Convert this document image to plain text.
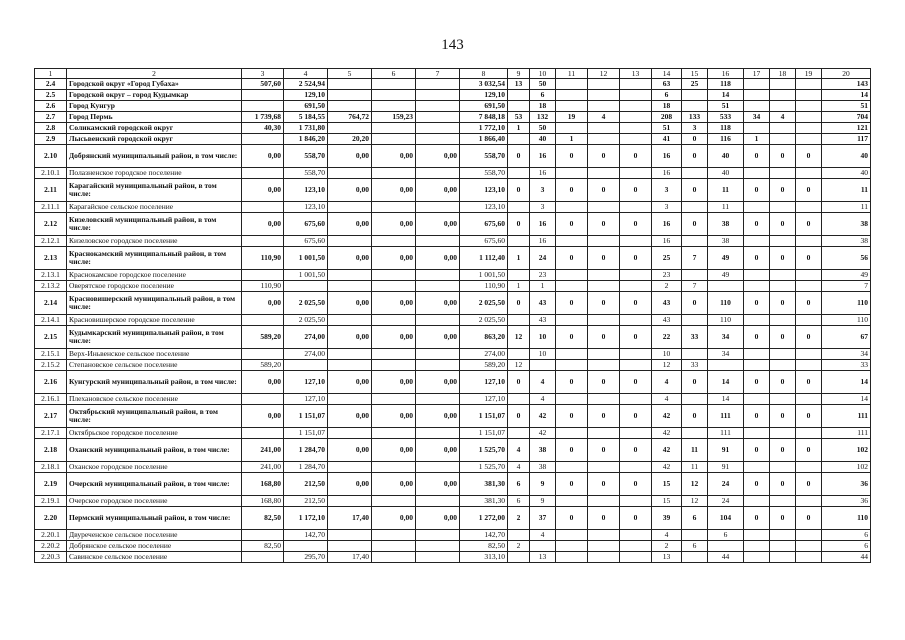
143
1	2	3	4	5	6	7	8	9	10	11	12	13	14	15	16	17	18	19	20
2.4	Городской округ «Город Губаха»	507,60	2 524,94				3 032,54	13	50				63	25	118				143
2.5	Городской округ – город Кудымкар		129,10				129,10		6				6		14				14
2.6	Город Кунгур		691,50				691,50		18				18		51				51
2.7	Город Пермь	1 739,68	5 184,55	764,72	159,23		7 848,18	53	132	19	4		208	133	533	34	4		704
2.8	Соликамский городской округ	40,30	1 731,80				1 772,10	1	50				51	3	118				121
2.9	Лысьвенский городской округ		1 846,20	20,20			1 866,40		40	1			41	0	116	1			117
2.10	Добрянский муниципальный район, в том числе:	0,00	558,70	0,00	0,00	0,00	558,70	0	16	0	0	0	16	0	40	0	0	0	40
2.10.1	Полазненское городское поселение		558,70				558,70		16				16		40				40
2.11	Карагайский муниципальный район, в том числе:	0,00	123,10	0,00	0,00	0,00	123,10	0	3	0	0	0	3	0	11	0	0	0	11
2.11.1	Карагайское сельское поселение		123,10				123,10		3				3		11				11
2.12	Кизеловский муниципальный район, в том числе:	0,00	675,60	0,00	0,00	0,00	675,60	0	16	0	0	0	16	0	38	0	0	0	38
2.12.1	Кизеловское городское поселение		675,60				675,60		16				16		38				38
2.13	Краснокамский муниципальный район, в том числе:	110,90	1 001,50	0,00	0,00	0,00	1 112,40	1	24	0	0	0	25	7	49	0	0	0	56
2.13.1	Краснокамское городское поселение		1 001,50				1 001,50		23				23		49				49
2.13.2	Оверятское городское поселение	110,90					110,90	1	1				2	7					7
2.14	Красновишерский муниципальный район, в том числе:	0,00	2 025,50	0,00	0,00	0,00	2 025,50	0	43	0	0	0	43	0	110	0	0	0	110
2.14.1	Красновишерское городское поселение		2 025,50				2 025,50		43				43		110				110
2.15	Кудымкарский муниципальный район, в том числе:	589,20	274,00	0,00	0,00	0,00	863,20	12	10	0	0	0	22	33	34	0	0	0	67
2.15.1	Верх-Иньвенское сельское поселение		274,00				274,00		10				10		34				34
2.15.2	Степановское сельское поселение	589,20					589,20	12					12	33					33
2.16	Кунгурский муниципальный район, в том числе:	0,00	127,10	0,00	0,00	0,00	127,10	0	4	0	0	0	4	0	14	0	0	0	14
2.16.1	Плехановское сельское поселение		127,10				127,10		4				4		14				14
2.17	Октябрьский муниципальный район, в том числе:	0,00	1 151,07	0,00	0,00	0,00	1 151,07	0	42	0	0	0	42	0	111	0	0	0	111
2.17.1	Октябрьское городское поселение		1 151,07				1 151,07		42				42		111				111
2.18	Оханский муниципальный район, в том числе:	241,00	1 284,70	0,00	0,00	0,00	1 525,70	4	38	0	0	0	42	11	91	0	0	0	102
2.18.1	Оханское городское поселение	241,00	1 284,70				1 525,70	4	38				42	11	91				102
2.19	Очерский муниципальный район, в том числе:	168,80	212,50	0,00	0,00	0,00	381,30	6	9	0	0	0	15	12	24	0	0	0	36
2.19.1	Очерское городское поселение	168,80	212,50				381,30	6	9				15	12	24				36
2.20	Пермский муниципальный район, в том числе:	82,50	1 172,10	17,40	0,00	0,00	1 272,00	2	37	0	0	0	39	6	104	0	0	0	110
2.20.1	Двуреченское сельское поселение		142,70				142,70		4				4		6				6
2.20.2	Добрянское сельское поселение	82,50					82,50	2					2	6					6
2.20.3	Савинское сельское поселение		295,70	17,40			313,10		13				13		44				44
